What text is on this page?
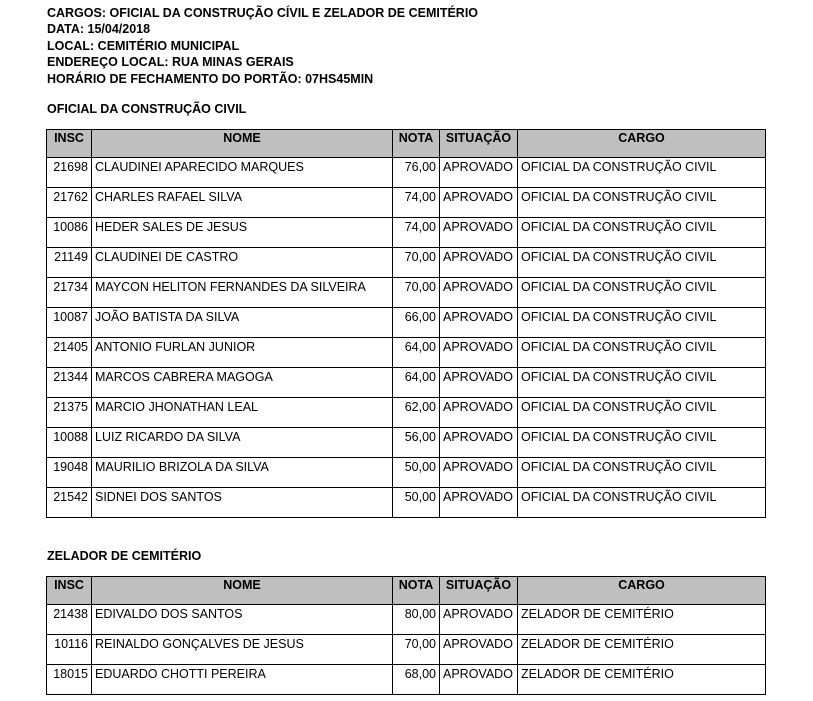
CARGOS: OFICIAL DA CONSTRUÇÃO CÍVIL E ZELADOR DE CEMITÉRIO
DATA: 15/04/2018
LOCAL: CEMITÉRIO MUNICIPAL
ENDEREÇO LOCAL: RUA MINAS GERAIS
HORÁRIO DE FECHAMENTO DO PORTÃO: 07HS45MIN
OFICIAL DA CONSTRUÇÃO CIVIL
INSC	NOME	NOTA	SITUAÇÃO	CARGO
21698	CLAUDINEI APARECIDO MARQUES	76,00	APROVADO	OFICIAL DA CONSTRUÇÃO CIVIL
21762	CHARLES RAFAEL SILVA	74,00	APROVADO	OFICIAL DA CONSTRUÇÃO CIVIL
10086	HEDER SALES DE JESUS	74,00	APROVADO	OFICIAL DA CONSTRUÇÃO CIVIL
21149	CLAUDINEI DE CASTRO	70,00	APROVADO	OFICIAL DA CONSTRUÇÃO CIVIL
21734	MAYCON HELITON FERNANDES DA SILVEIRA	70,00	APROVADO	OFICIAL DA CONSTRUÇÃO CIVIL
10087	JOÃO BATISTA DA SILVA	66,00	APROVADO	OFICIAL DA CONSTRUÇÃO CIVIL
21405	ANTONIO FURLAN JUNIOR	64,00	APROVADO	OFICIAL DA CONSTRUÇÃO CIVIL
21344	MARCOS CABRERA MAGOGA	64,00	APROVADO	OFICIAL DA CONSTRUÇÃO CIVIL
21375	MARCIO JHONATHAN LEAL	62,00	APROVADO	OFICIAL DA CONSTRUÇÃO CIVIL
10088	LUIZ RICARDO DA SILVA	56,00	APROVADO	OFICIAL DA CONSTRUÇÃO CIVIL
19048	MAURILIO BRIZOLA DA SILVA	50,00	APROVADO	OFICIAL DA CONSTRUÇÃO CIVIL
21542	SIDNEI DOS SANTOS	50,00	APROVADO	OFICIAL DA CONSTRUÇÃO CIVIL
ZELADOR DE CEMITÉRIO
INSC	NOME	NOTA	SITUAÇÃO	CARGO
21438	EDIVALDO DOS SANTOS	80,00	APROVADO	ZELADOR DE CEMITÉRIO
10116	REINALDO GONÇALVES DE JESUS	70,00	APROVADO	ZELADOR DE CEMITÉRIO
18015	EDUARDO CHOTTI PEREIRA	68,00	APROVADO	ZELADOR DE CEMITÉRIO
